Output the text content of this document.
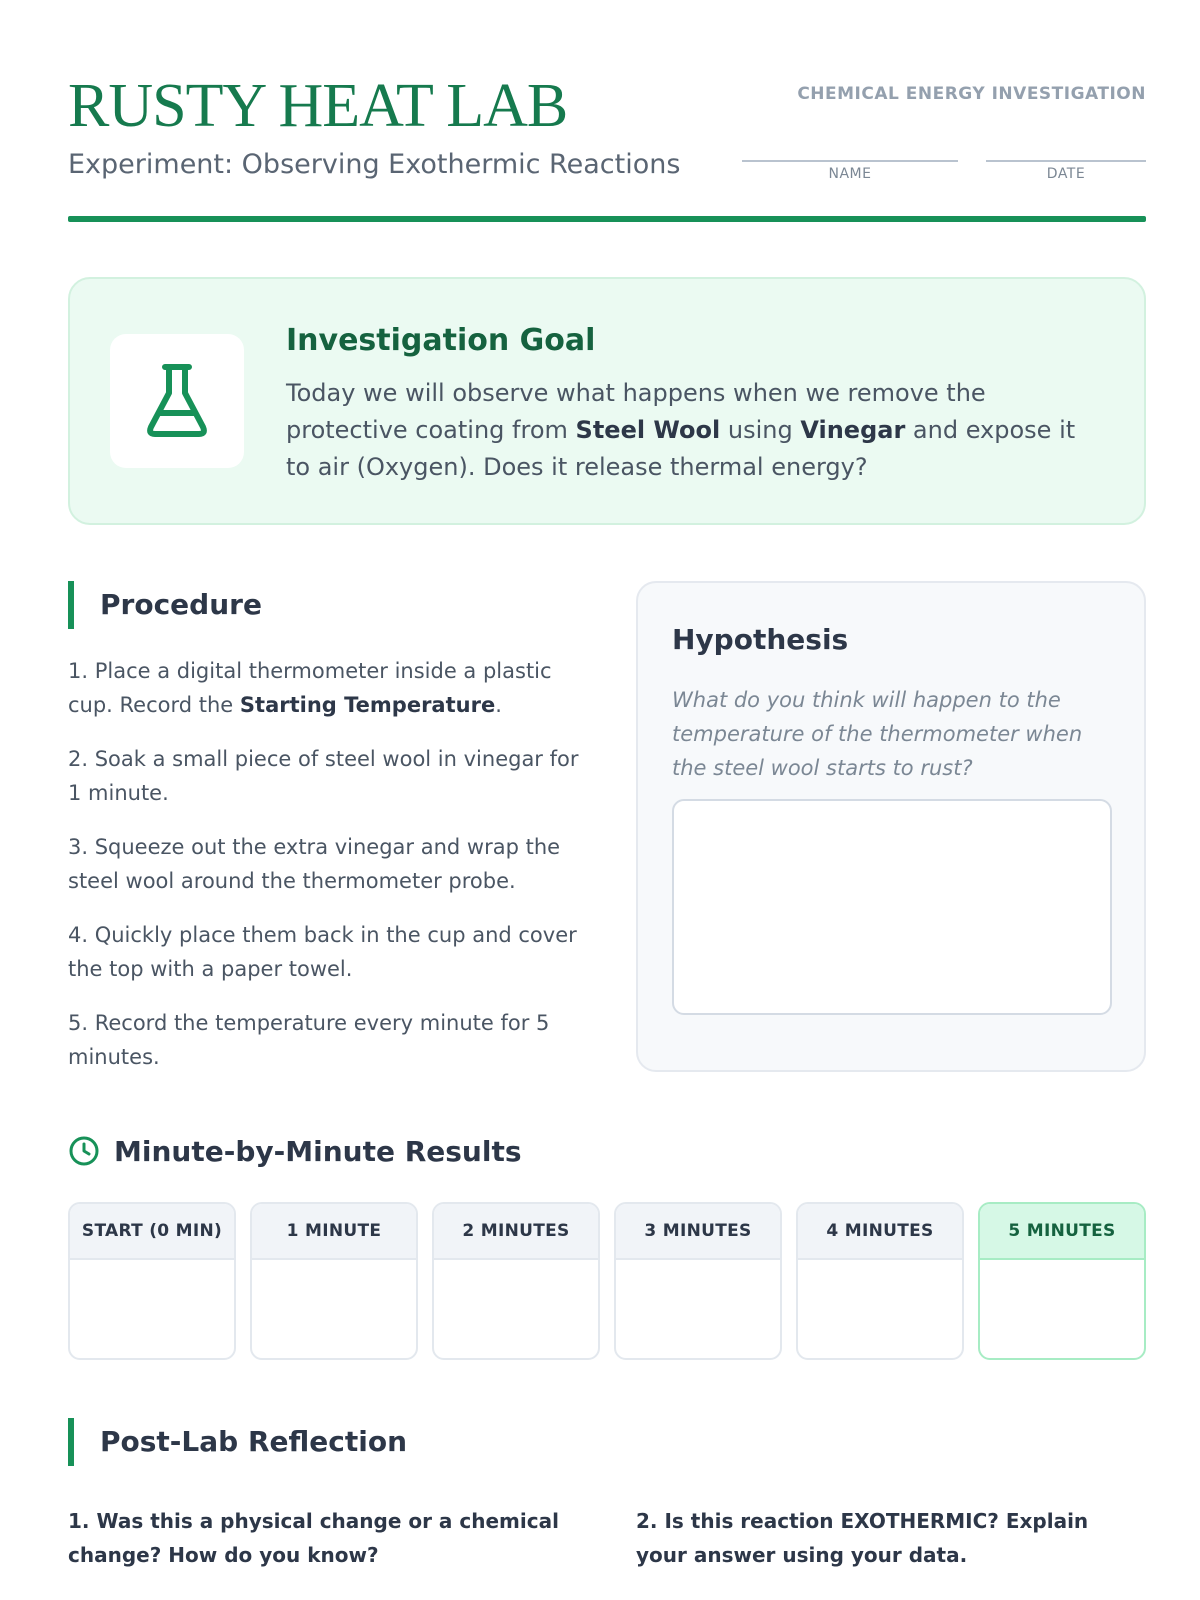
RUSTY HEAT LAB
Experiment: Observing Exothermic Reactions
CHEMICAL ENERGY INVESTIGATION
NAME	DATE
Investigation Goal
Today we will observe what happens when we remove the protective coating from Steel Wool using Vinegar and expose it to air (Oxygen). Does it release thermal energy?
Procedure
1. Place a digital thermometer inside a plastic cup. Record the Starting Temperature.
2. Soak a small piece of steel wool in vinegar for 1 minute.
3. Squeeze out the extra vinegar and wrap the steel wool around the thermometer probe.
4. Quickly place them back in the cup and cover the top with a paper towel.
5. Record the temperature every minute for 5 minutes.
Hypothesis
What do you think will happen to the temperature of the thermometer when the steel wool starts to rust?
Minute-by-Minute Results
START (0 MIN)	1 MINUTE	2 MINUTES	3 MINUTES	4 MINUTES	5 MINUTES
Post-Lab Reflection
1. Was this a physical change or a chemical change? How do you know?
2. Is this reaction EXOTHERMIC? Explain your answer using your data.
